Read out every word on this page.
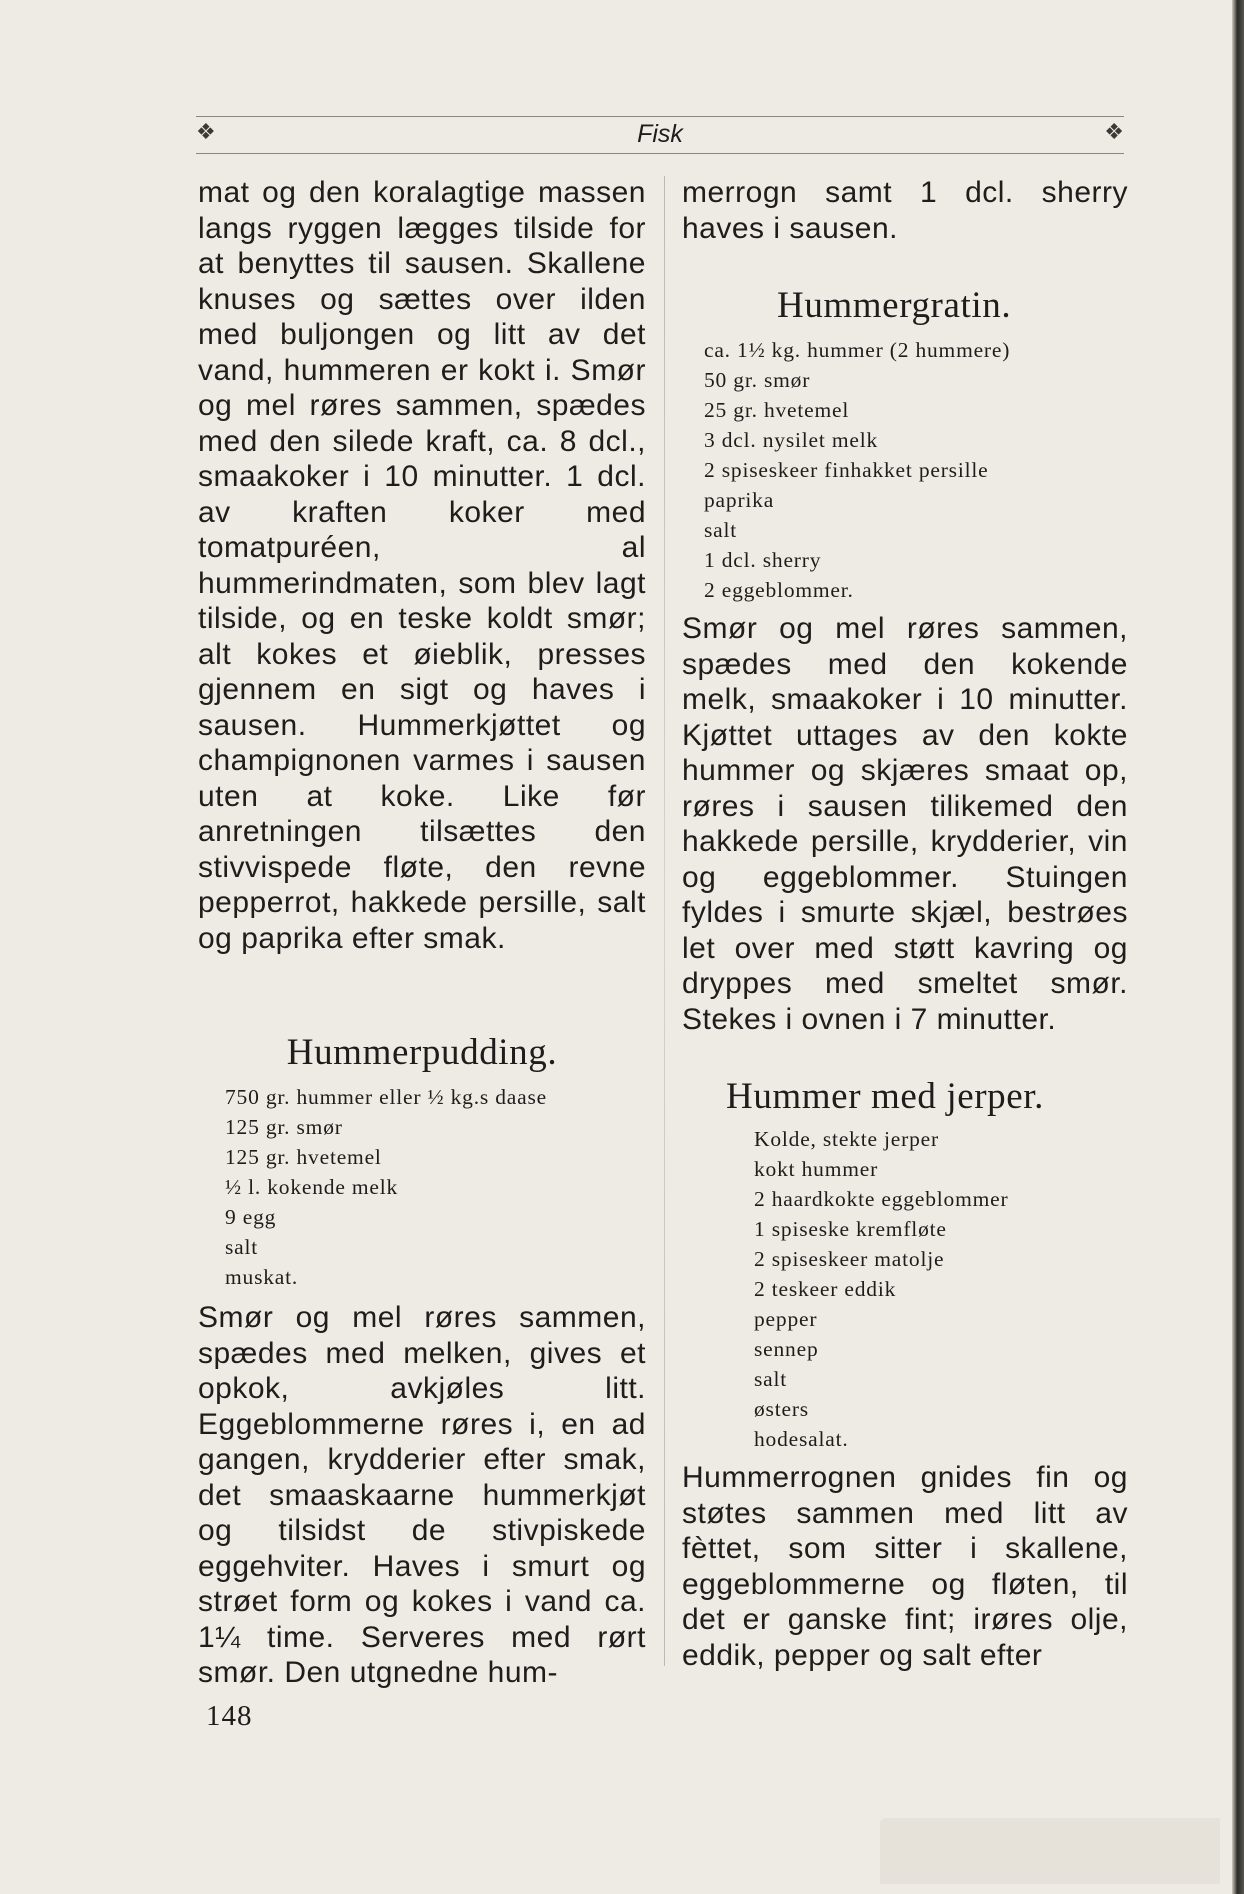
❖	Fisk	❖

mat og den koralagtige massen langs ryggen lægges tilside for at benyttes til sausen. Skallene knuses og sættes over ilden med buljongen og litt av det vand, hummeren er kokt i. Smør og mel røres sammen, spædes med den silede kraft, ca. 8 dcl., smaakoker i 10 minutter. 1 dcl. av kraften koker med tomatpuréen, al hummerindmaten, som blev lagt tilside, og en teske koldt smør; alt kokes et øieblik, presses gjennem en sigt og haves i sausen. Hummerkjøttet og champignonen varmes i sausen uten at koke. Like før anretningen tilsættes den stivvispede fløte, den revne pepperrot, hakkede persille, salt og paprika efter smak.

Hummerpudding.
750 gr. hummer eller ½ kg.s daase
125 gr. smør
125 gr. hvetemel
½ l. kokende melk
9 egg
salt
muskat.

Smør og mel røres sammen, spædes med melken, gives et opkok, avkjøles litt. Eggeblommerne røres i, en ad gangen, krydderier efter smak, det smaaskaarne hummerkjøt og tilsidst de stivpiskede eggehviter. Haves i smurt og strøet form og kokes i vand ca. 1¼ time. Serveres med rørt smør. Den utgnedne hum-

merrogn samt 1 dcl. sherry haves i sausen.

Hummergratin.
ca. 1½ kg. hummer (2 hummere)
50 gr. smør
25 gr. hvetemel
3 dcl. nysilet melk
2 spiseskeer finhakket persille
paprika
salt
1 dcl. sherry
2 eggeblommer.

Smør og mel røres sammen, spædes med den kokende melk, smaakoker i 10 minutter. Kjøttet uttages av den kokte hummer og skjæres smaat op, røres i sausen tilikemed den hakkede persille, krydderier, vin og eggeblommer. Stuingen fyldes i smurte skjæl, bestrøes let over med støtt kavring og dryppes med smeltet smør. Stekes i ovnen i 7 minutter.

Hummer med jerper.
Kolde, stekte jerper
kokt hummer
2 haardkokte eggeblommer
1 spiseske kremfløte
2 spiseskeer matolje
2 teskeer eddik
pepper
sennep
salt
østers
hodesalat.

Hummerrognen gnides fin og støtes sammen med litt av fèttet, som sitter i skallene, eggeblommerne og fløten, til det er ganske fint; irøres olje, eddik, pepper og salt efter

148
